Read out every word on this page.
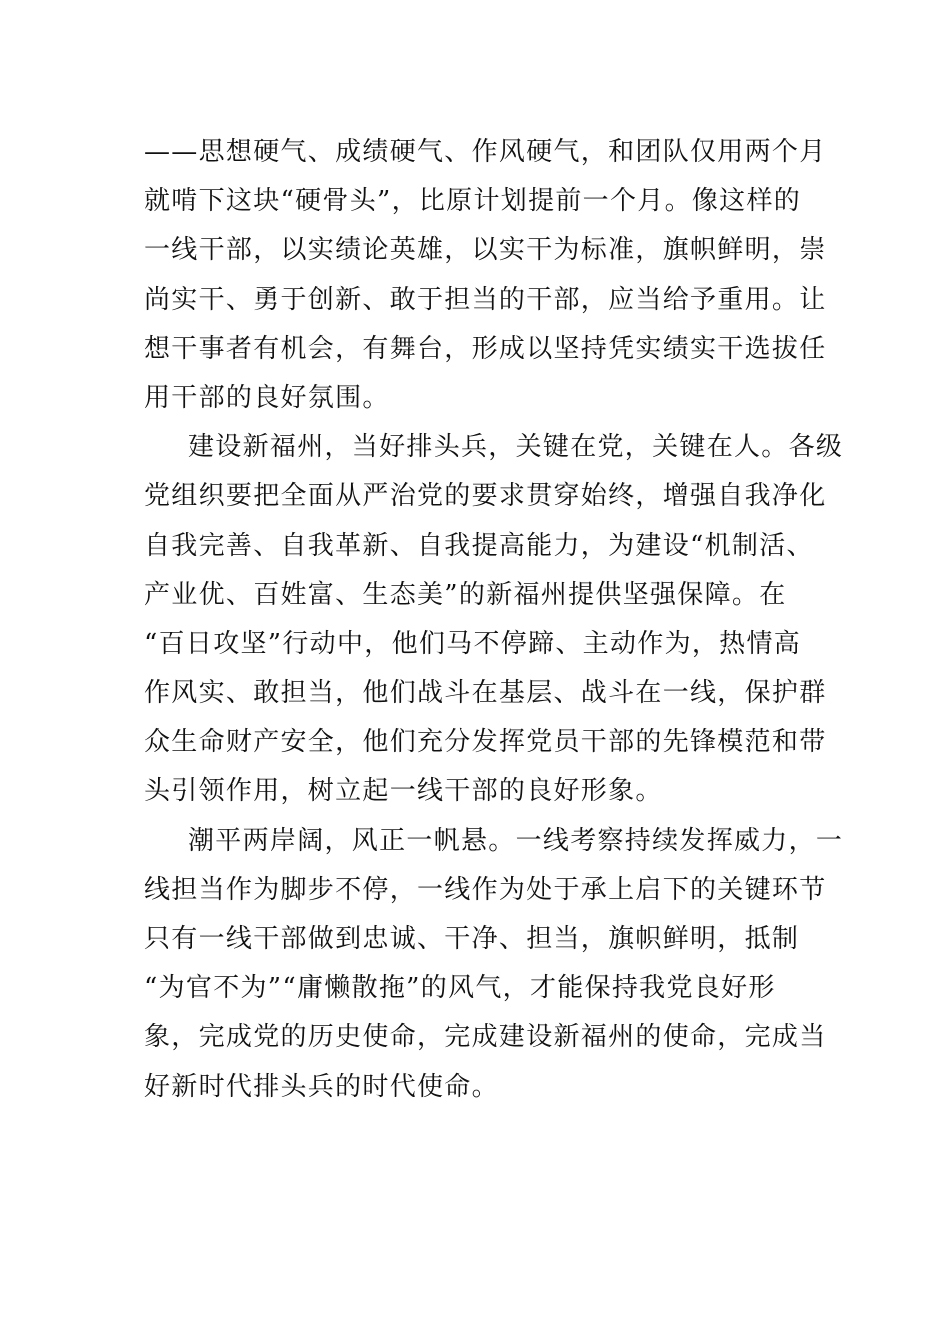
——思想硬气、成绩硬气、作风硬气，和团队仅用两个月
就啃下这块“硬骨头”，比原计划提前一个月。像这样的
一线干部，以实绩论英雄，以实干为标准，旗帜鲜明，崇
尚实干、勇于创新、敢于担当的干部，应当给予重用。让
想干事者有机会，有舞台，形成以坚持凭实绩实干选拔任
用干部的良好氛围。
建设新福州，当好排头兵，关键在党，关键在人。各级
党组织要把全面从严治党的要求贯穿始终，增强自我净化
自我完善、自我革新、自我提高能力，为建设“机制活、
产业优、百姓富、生态美”的新福州提供坚强保障。在
“百日攻坚”行动中，他们马不停蹄、主动作为，热情高
作风实、敢担当，他们战斗在基层、战斗在一线，保护群
众生命财产安全，他们充分发挥党员干部的先锋模范和带
头引领作用，树立起一线干部的良好形象。
潮平两岸阔，风正一帆悬。一线考察持续发挥威力，一
线担当作为脚步不停，一线作为处于承上启下的关键环节
只有一线干部做到忠诚、干净、担当，旗帜鲜明，抵制
“为官不为”“庸懒散拖”的风气，才能保持我党良好形
象，完成党的历史使命，完成建设新福州的使命，完成当
好新时代排头兵的时代使命。
